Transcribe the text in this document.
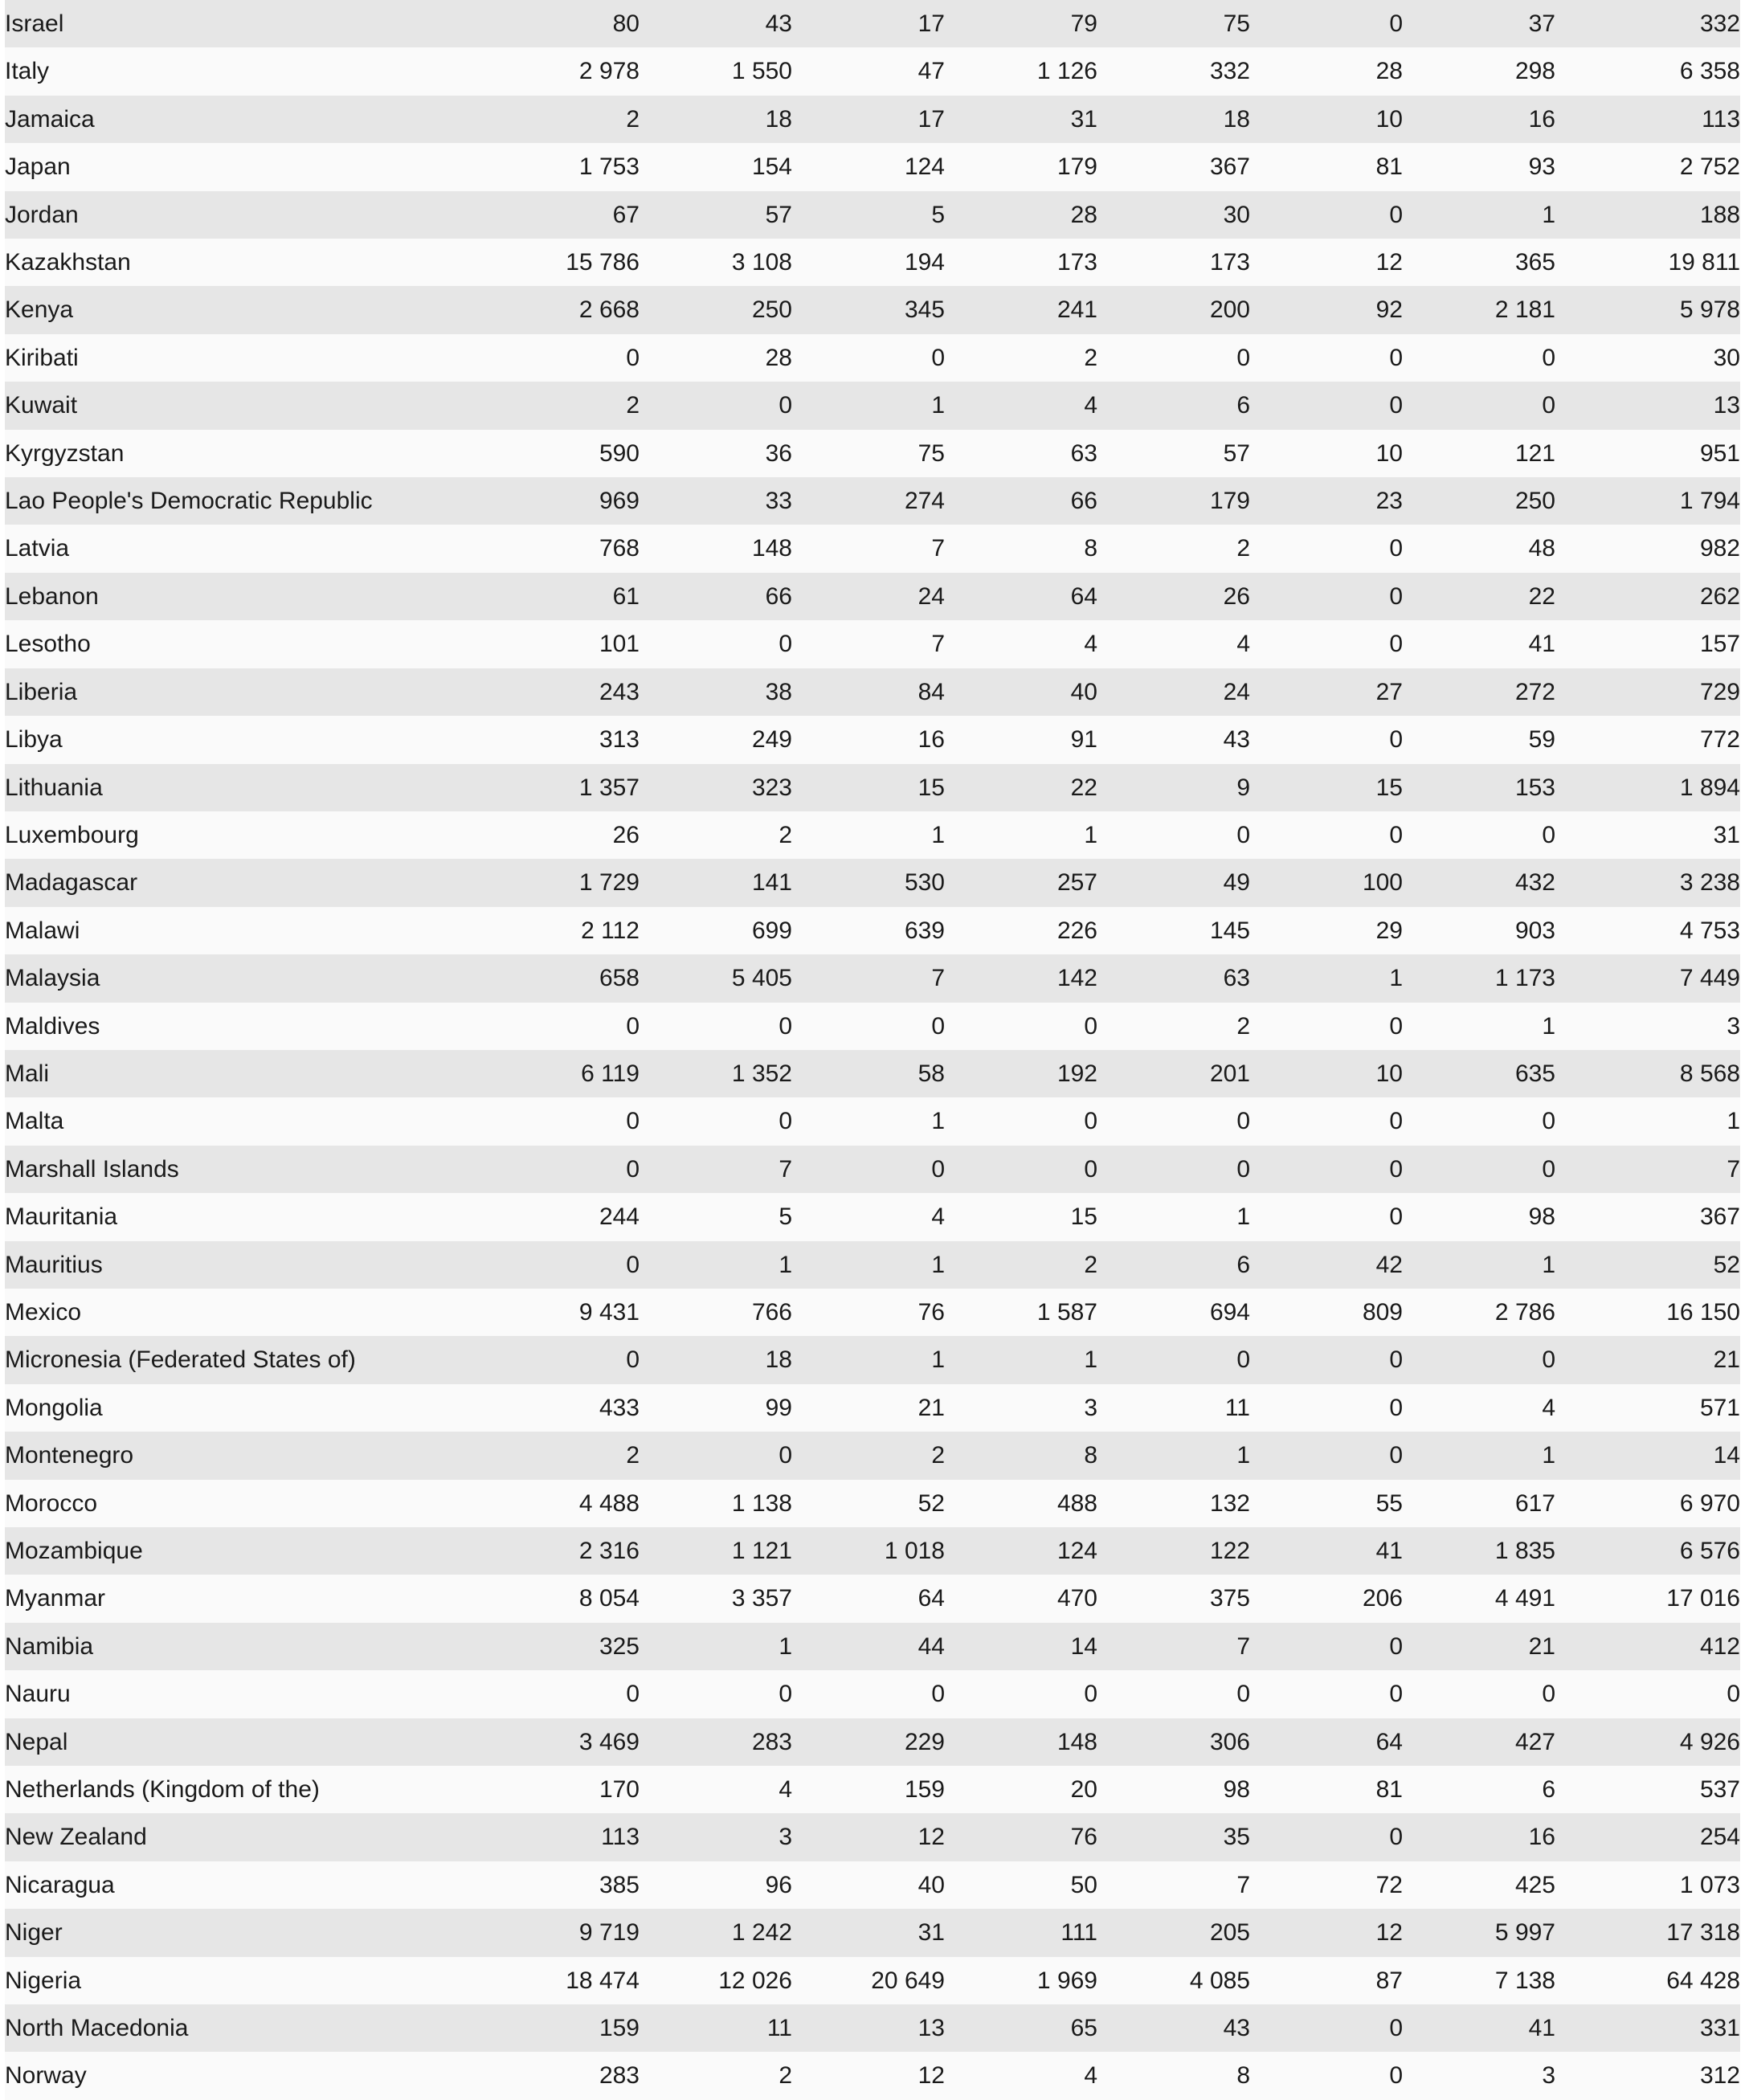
Israel	80	43	17	79	75	0	37	332
Italy	2 978	1 550	47	1 126	332	28	298	6 358
Jamaica	2	18	17	31	18	10	16	113
Japan	1 753	154	124	179	367	81	93	2 752
Jordan	67	57	5	28	30	0	1	188
Kazakhstan	15 786	3 108	194	173	173	12	365	19 811
Kenya	2 668	250	345	241	200	92	2 181	5 978
Kiribati	0	28	0	2	0	0	0	30
Kuwait	2	0	1	4	6	0	0	13
Kyrgyzstan	590	36	75	63	57	10	121	951
Lao People's Democratic Republic	969	33	274	66	179	23	250	1 794
Latvia	768	148	7	8	2	0	48	982
Lebanon	61	66	24	64	26	0	22	262
Lesotho	101	0	7	4	4	0	41	157
Liberia	243	38	84	40	24	27	272	729
Libya	313	249	16	91	43	0	59	772
Lithuania	1 357	323	15	22	9	15	153	1 894
Luxembourg	26	2	1	1	0	0	0	31
Madagascar	1 729	141	530	257	49	100	432	3 238
Malawi	2 112	699	639	226	145	29	903	4 753
Malaysia	658	5 405	7	142	63	1	1 173	7 449
Maldives	0	0	0	0	2	0	1	3
Mali	6 119	1 352	58	192	201	10	635	8 568
Malta	0	0	1	0	0	0	0	1
Marshall Islands	0	7	0	0	0	0	0	7
Mauritania	244	5	4	15	1	0	98	367
Mauritius	0	1	1	2	6	42	1	52
Mexico	9 431	766	76	1 587	694	809	2 786	16 150
Micronesia (Federated States of)	0	18	1	1	0	0	0	21
Mongolia	433	99	21	3	11	0	4	571
Montenegro	2	0	2	8	1	0	1	14
Morocco	4 488	1 138	52	488	132	55	617	6 970
Mozambique	2 316	1 121	1 018	124	122	41	1 835	6 576
Myanmar	8 054	3 357	64	470	375	206	4 491	17 016
Namibia	325	1	44	14	7	0	21	412
Nauru	0	0	0	0	0	0	0	0
Nepal	3 469	283	229	148	306	64	427	4 926
Netherlands (Kingdom of the)	170	4	159	20	98	81	6	537
New Zealand	113	3	12	76	35	0	16	254
Nicaragua	385	96	40	50	7	72	425	1 073
Niger	9 719	1 242	31	111	205	12	5 997	17 318
Nigeria	18 474	12 026	20 649	1 969	4 085	87	7 138	64 428
North Macedonia	159	11	13	65	43	0	41	331
Norway	283	2	12	4	8	0	3	312
